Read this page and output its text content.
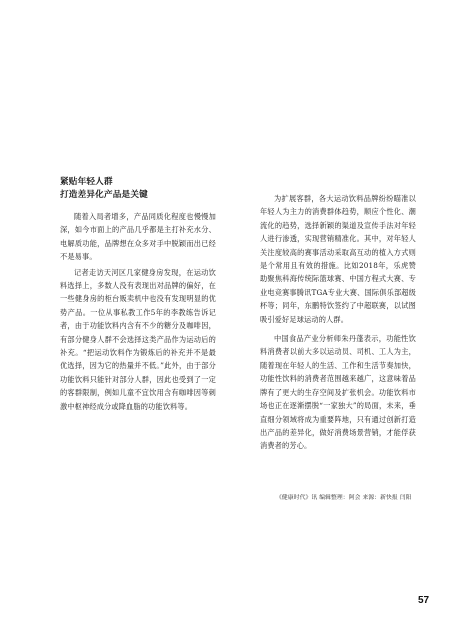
紧贴年轻人群
打造差异化产品是关键

随着入局者增多，产品同质化程度也慢慢加深，如今市面上的产品几乎都是主打补充水分、电解质功能，品牌想在众多对手中脱颖而出已经不是易事。

记者走访天河区几家健身房发现，在运动饮料选择上，多数人没有表现出对品牌的偏好，在一些健身房的柜台贩卖机中也没有发现明显的优势产品。一位从事私教工作5年的李教练告诉记者，由于功能饮料内含有不少的糖分及咖啡因，有部分健身人群不会选择这类产品作为运动后的补充。“把运动饮料作为锻炼后的补充并不是最优选择，因为它的热量并不低。”此外，由于部分功能饮料只能针对部分人群，因此也受到了一定的客群限制，例如儿童不宜饮用含有咖啡因等刺激中枢神经成分或降血脂的功能饮料等。

为扩展客群，各大运动饮料品牌纷纷瞄准以年轻人为主力的消费群体趋势，顺应个性化、潮流化的趋势，选择新颖的渠道及宣传手法对年轻人进行渗透，实现营销精准化。其中，对年轻人关注度较高的赛事活动采取高互动的植入方式则是个常用且有效的措施。比如2018年，乐虎赞助聚焦科海传统际篮球赛、中国方程式大赛、专业电竞赛事腾讯TGA专业大赛、国际俱乐部超级杯等；同年，东鹏特饮签约了中超联赛，以试图吸引爱好足球运动的人群。

中国食品产业分析师朱丹蓬表示，功能性饮料消费者以前大多以运动员、司机、工人为主，随着现在年轻人的生活、工作和生活节奏加快，功能性饮料的消费者范围越来越广，这意味着品牌有了更大的生存空间及扩张机会。功能饮料市场也正在逐渐摆脱“一家独大”的局面，未来，垂直细分领域将成为重要阵地，只有通过创新打造出产品的差异化，做好消费场景营销，才能俘获消费者的芳心。

《健康时代》讯 编辑整理：阿会 来源：新快报 闫阳
57
